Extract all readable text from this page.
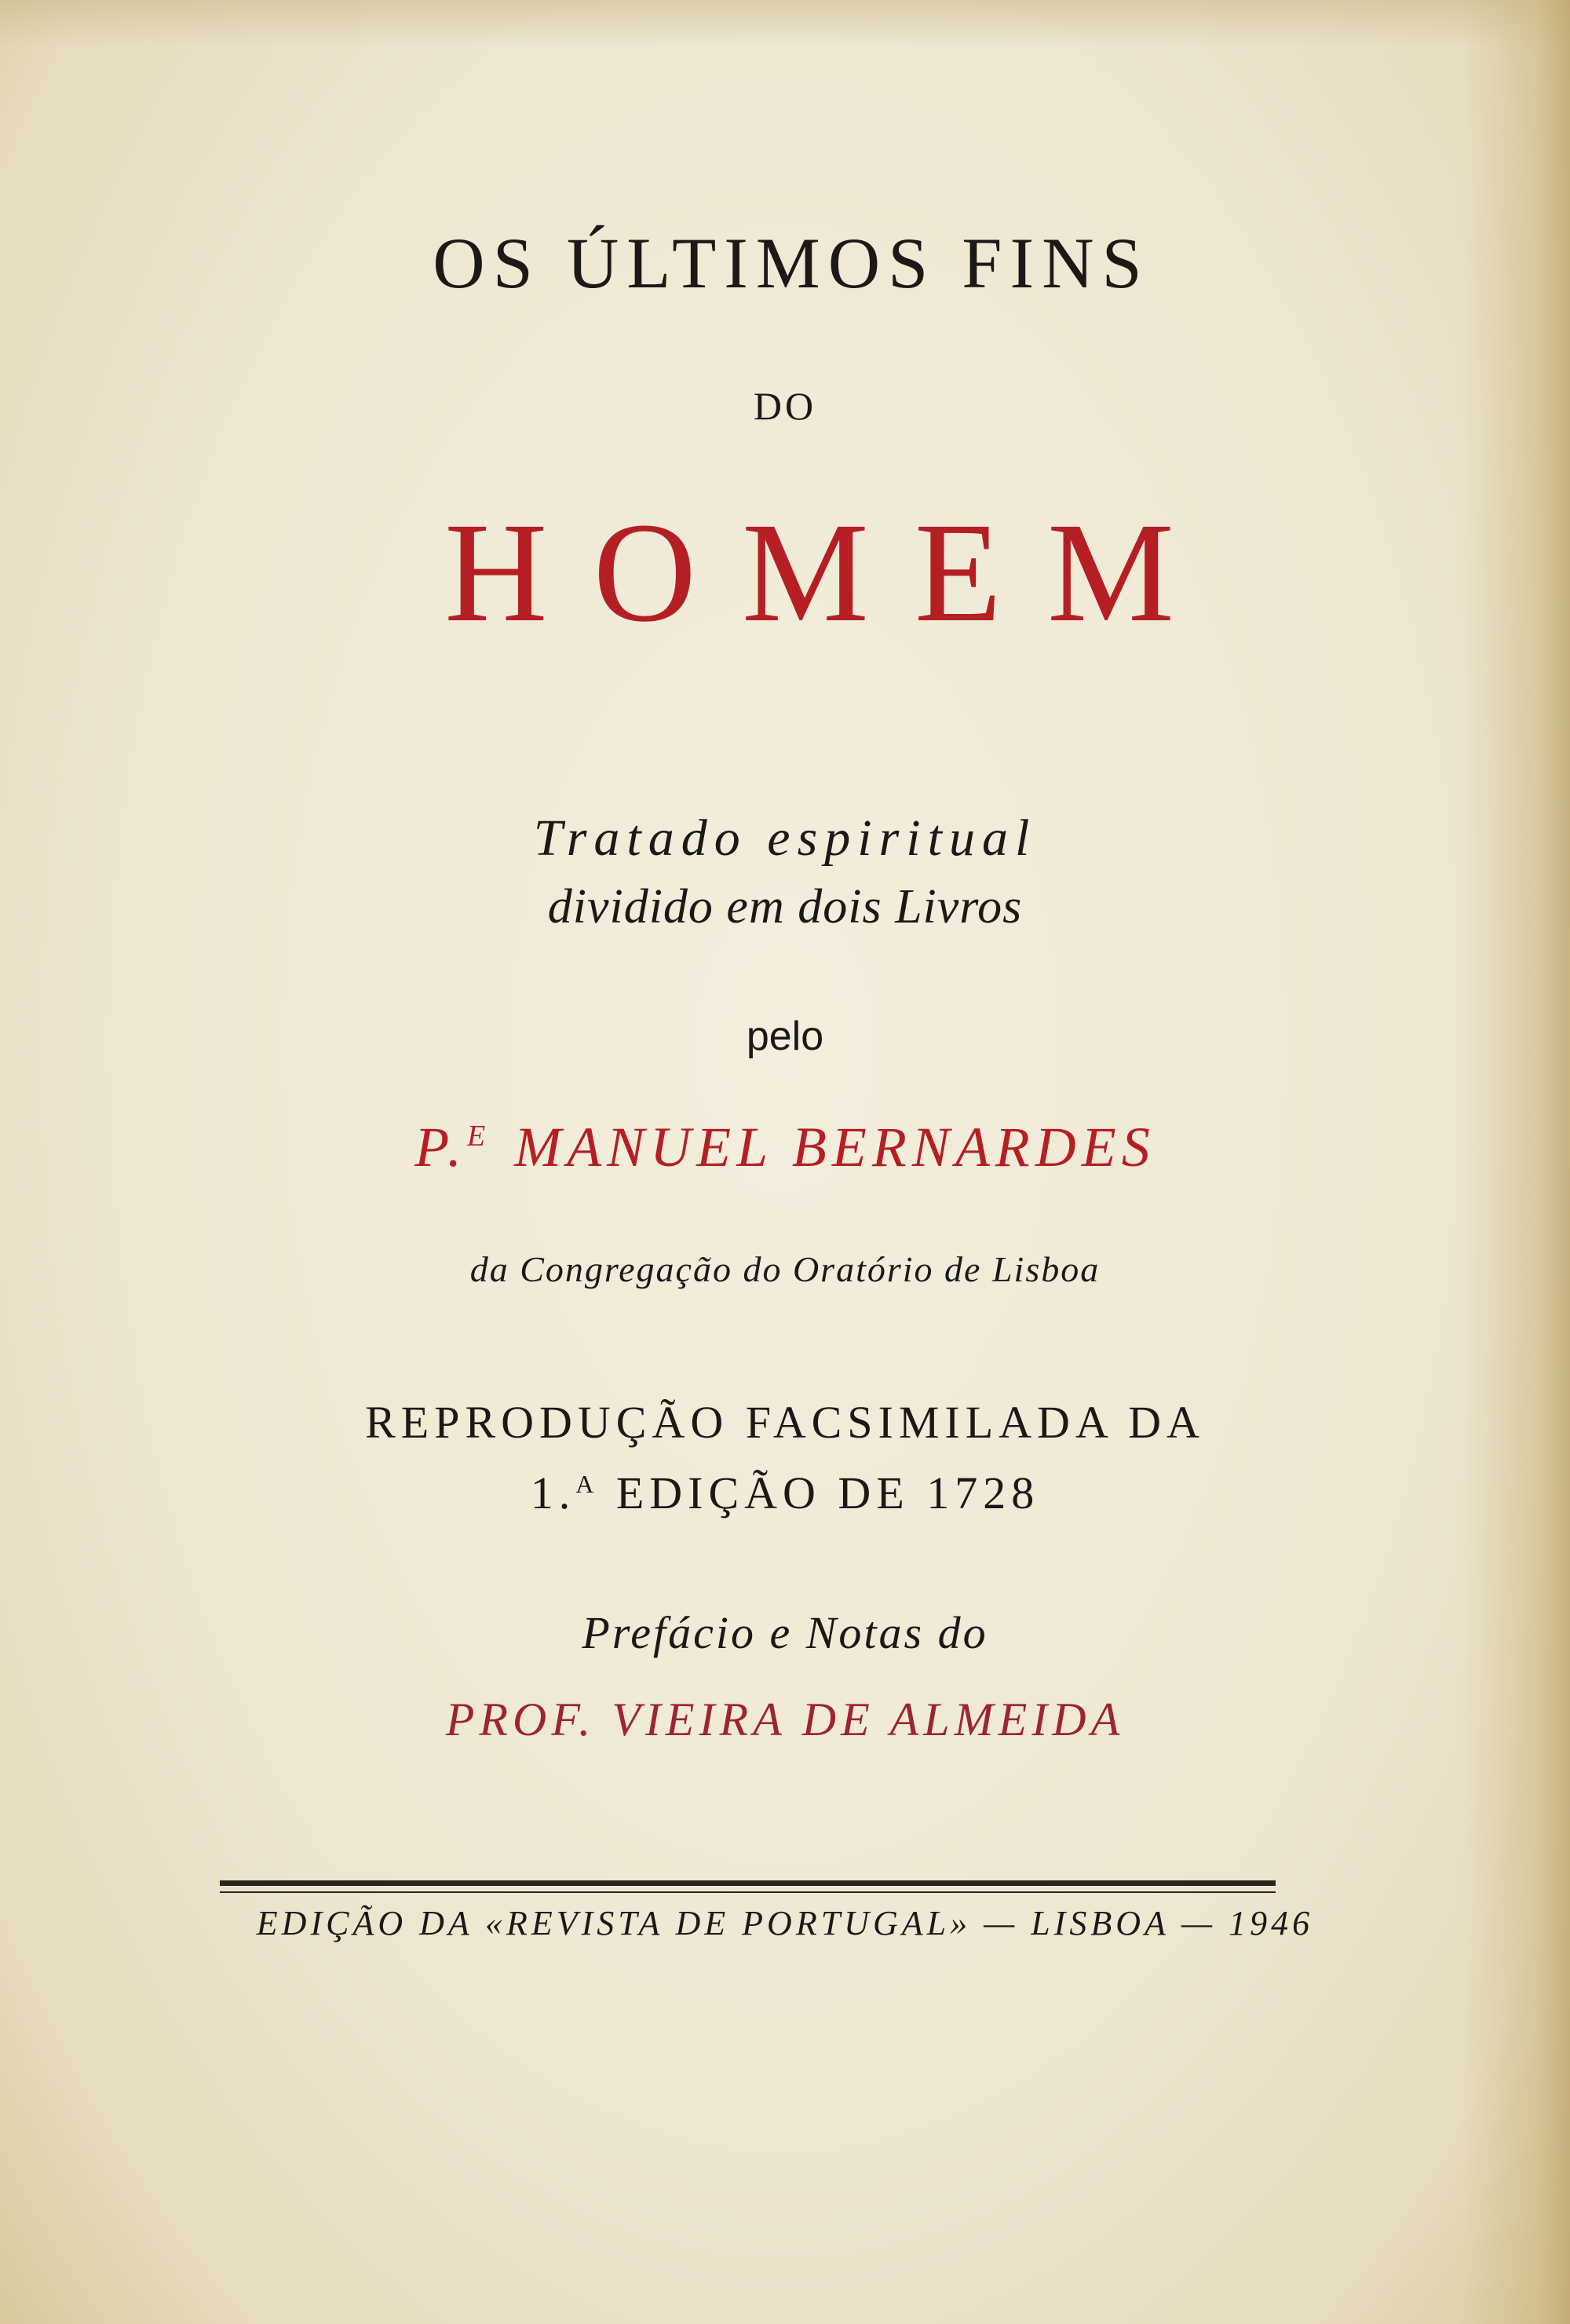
OS ÚLTIMOS FINS

DO

HOMEM

Tratado espiritual

dividido em dois Livros

pelo

P.$^E$ MANUEL BERNARDES

da Congregação do Oratório de Lisboa

REPRODUÇÃO FACSIMILADA DA

1.$^A$ EDIÇÃO DE 1728

Prefácio e Notas do

PROF. VIEIRA DE ALMEIDA

EDIÇÃO DA «REVISTA DE PORTUGAL» — LISBOA — 1946
